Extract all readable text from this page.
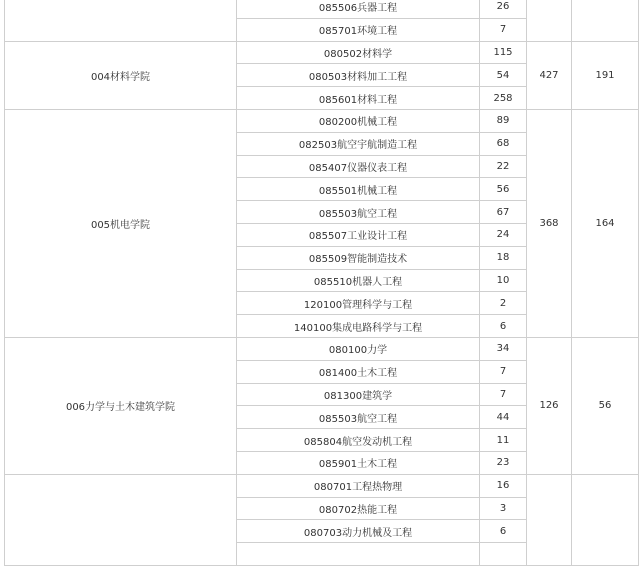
	085506兵器工程	26		
	085701环境工程	7		
004材料学院	080502材料学	115	427	191
	080503材料加工工程	54		
	085601材料工程	258		
005机电学院	080200机械工程	89	368	164
	082503航空宇航制造工程	68		
	085407仪器仪表工程	22		
	085501机械工程	56		
	085503航空工程	67		
	085507工业设计工程	24		
	085509智能制造技术	18		
	085510机器人工程	10		
	120100管理科学与工程	2		
	140100集成电路科学与工程	6		
006力学与土木建筑学院	080100力学	34	126	56
	081400土木工程	7		
	081300建筑学	7		
	085503航空工程	44		
	085804航空发动机工程	11		
	085901土木工程	23		
	080701工程热物理	16		
	080702热能工程	3		
	080703动力机械及工程	6		
